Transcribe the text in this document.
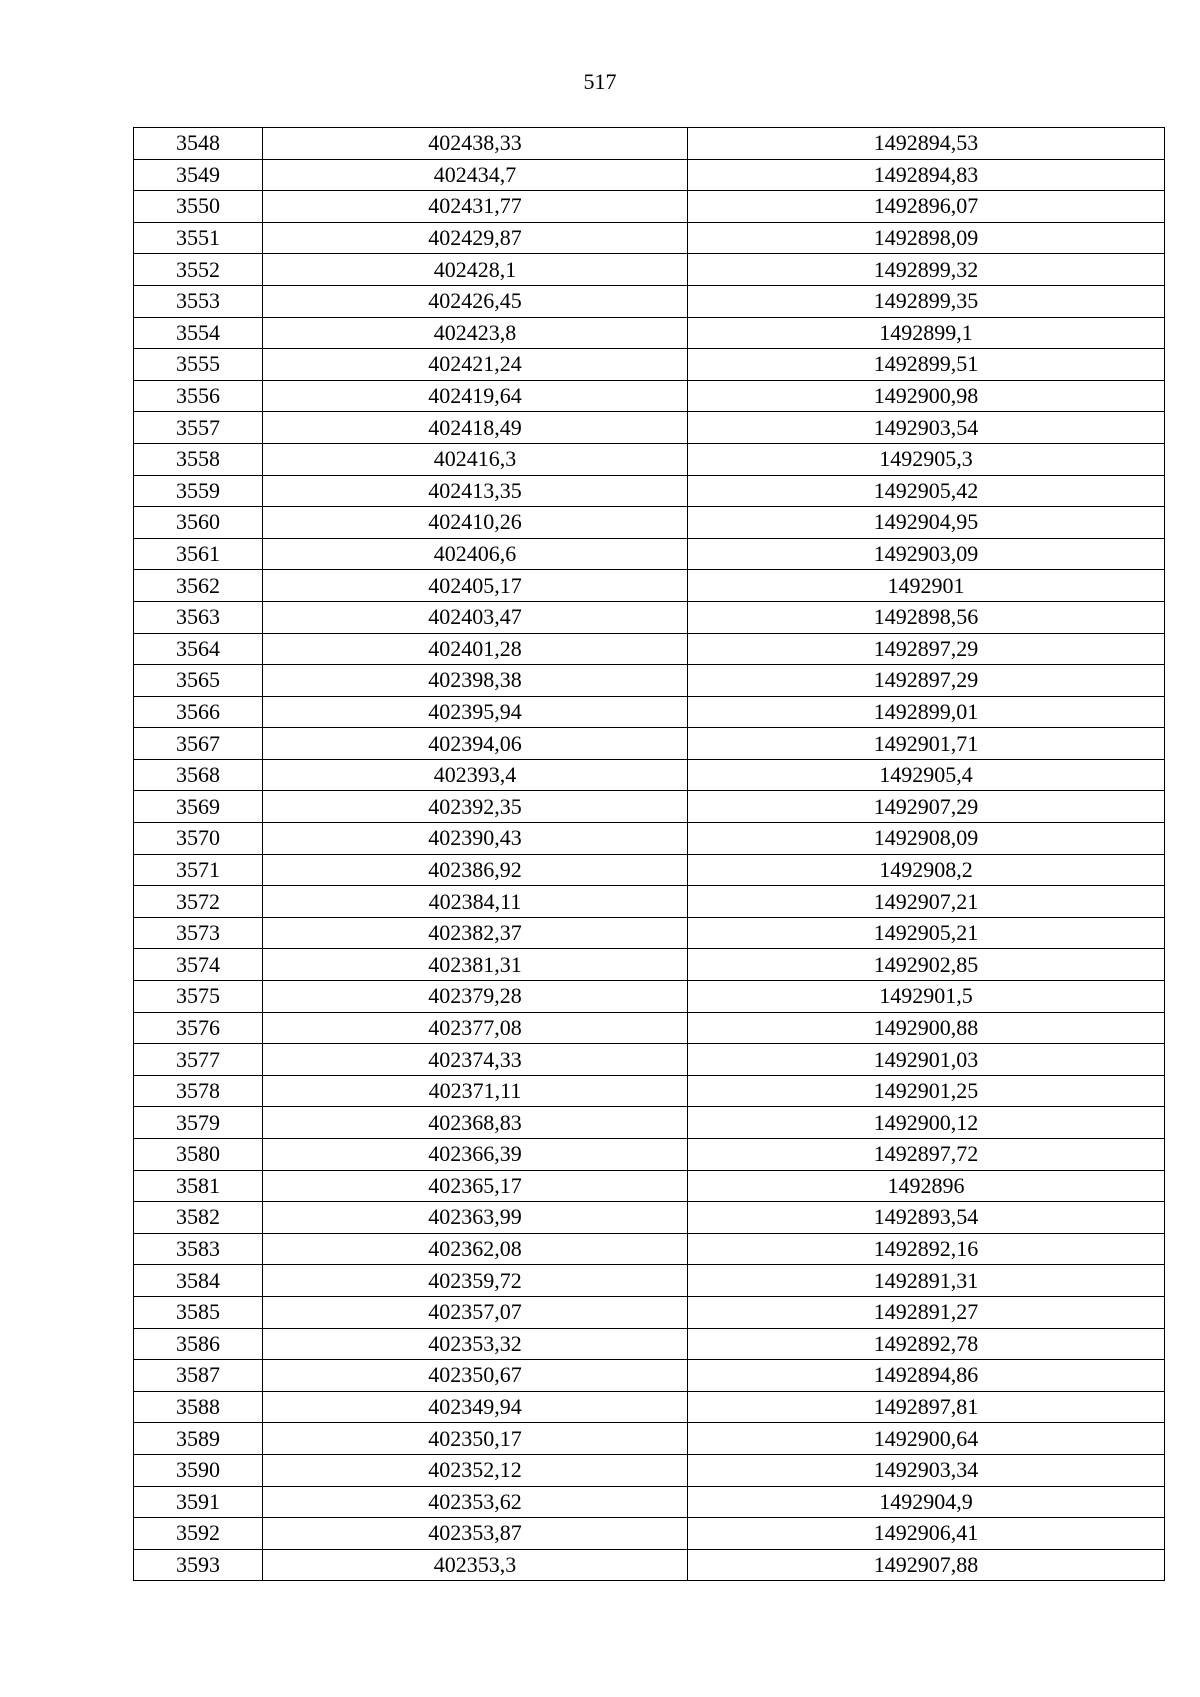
517
3548	402438,33	1492894,53
3549	402434,7	1492894,83
3550	402431,77	1492896,07
3551	402429,87	1492898,09
3552	402428,1	1492899,32
3553	402426,45	1492899,35
3554	402423,8	1492899,1
3555	402421,24	1492899,51
3556	402419,64	1492900,98
3557	402418,49	1492903,54
3558	402416,3	1492905,3
3559	402413,35	1492905,42
3560	402410,26	1492904,95
3561	402406,6	1492903,09
3562	402405,17	1492901
3563	402403,47	1492898,56
3564	402401,28	1492897,29
3565	402398,38	1492897,29
3566	402395,94	1492899,01
3567	402394,06	1492901,71
3568	402393,4	1492905,4
3569	402392,35	1492907,29
3570	402390,43	1492908,09
3571	402386,92	1492908,2
3572	402384,11	1492907,21
3573	402382,37	1492905,21
3574	402381,31	1492902,85
3575	402379,28	1492901,5
3576	402377,08	1492900,88
3577	402374,33	1492901,03
3578	402371,11	1492901,25
3579	402368,83	1492900,12
3580	402366,39	1492897,72
3581	402365,17	1492896
3582	402363,99	1492893,54
3583	402362,08	1492892,16
3584	402359,72	1492891,31
3585	402357,07	1492891,27
3586	402353,32	1492892,78
3587	402350,67	1492894,86
3588	402349,94	1492897,81
3589	402350,17	1492900,64
3590	402352,12	1492903,34
3591	402353,62	1492904,9
3592	402353,87	1492906,41
3593	402353,3	1492907,88
